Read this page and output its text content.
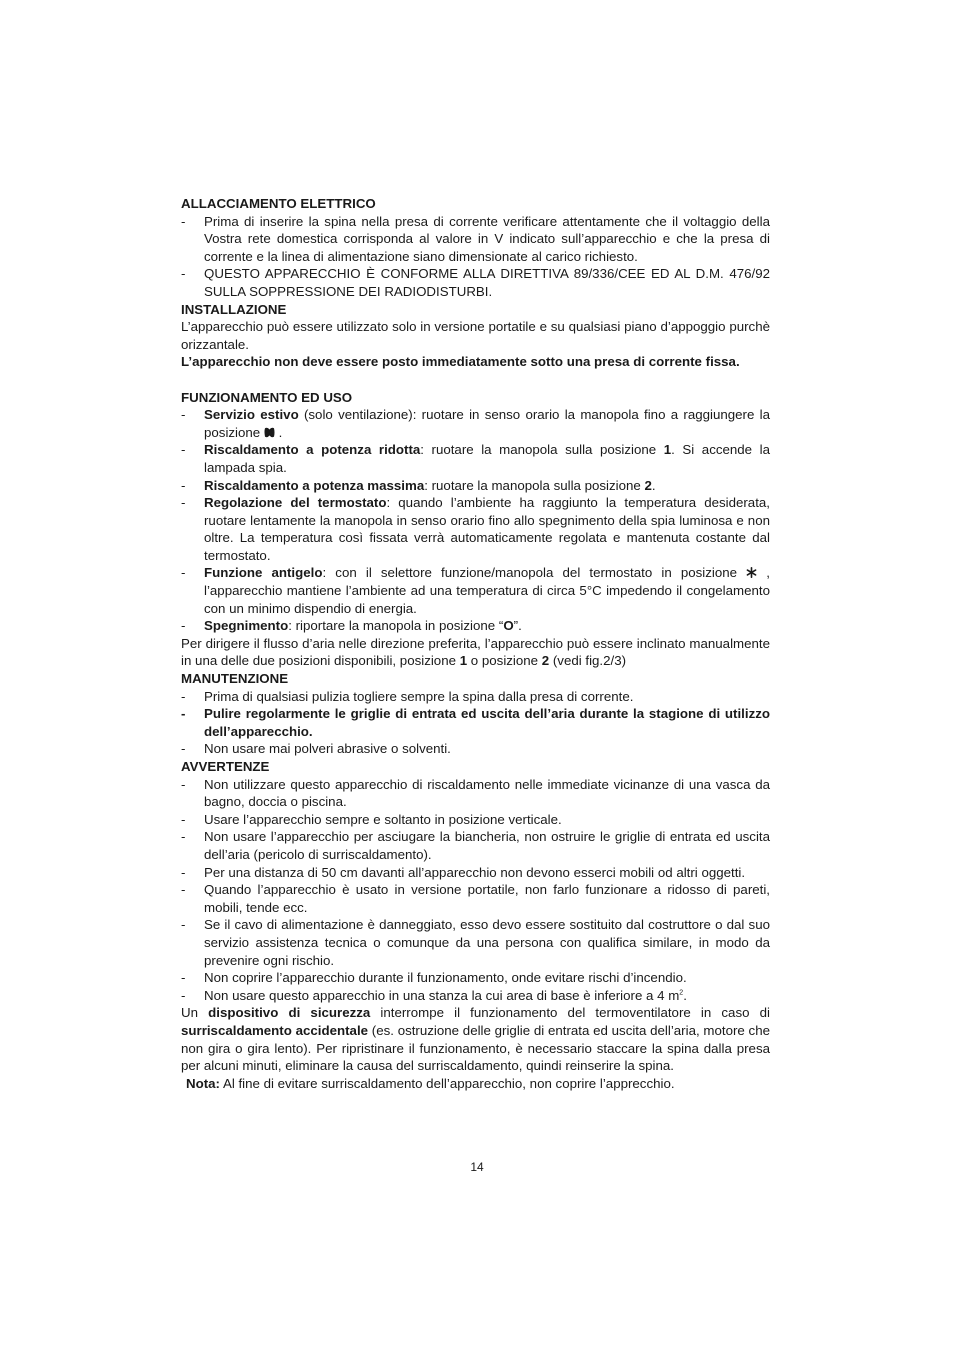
ALLACCIAMENTO ELETTRICO
- Prima di inserire la spina nella presa di corrente verificare attentamente che il voltaggio della Vostra rete domestica corrisponda al valore in V indicato sull’apparecchio e che la presa di corrente e la linea di alimentazione siano dimensionate al carico richiesto.
- QUESTO APPARECCHIO È CONFORME ALLA DIRETTIVA 89/336/CEE ED AL D.M. 476/92 SULLA SOPPRESSIONE DEI RADIODISTURBI.
INSTALLAZIONE
L’apparecchio può essere utilizzato solo in versione portatile e su qualsiasi piano d’appoggio purchè orizzantale.
L’apparecchio non deve essere posto immediatamente sotto una presa di corrente fissa.
FUNZIONAMENTO ED USO
- Servizio estivo (solo ventilazione): ruotare in senso orario la manopola fino a raggiungere la posizione  .
- Riscaldamento a potenza ridotta: ruotare la manopola sulla posizione 1. Si accende la lampada spia.
- Riscaldamento a potenza massima: ruotare la manopola sulla posizione 2.
- Regolazione del termostato: quando l’ambiente ha raggiunto la temperatura desiderata, ruotare lentamente la manopola in senso orario fino allo spegnimento della spia luminosa e non oltre. La temperatura così fissata verrà automaticamente regolata e mantenuta costante dal termostato.
- Funzione antigelo: con il selettore funzione/manopola del termostato in posizione  , l’apparecchio mantiene l’ambiente ad una temperatura di circa 5°C impedendo il congelamento con un minimo dispendio di energia.
- Spegnimento: riportare la manopola in posizione “O”.
Per dirigere il flusso d’aria nelle direzione preferita, l’apparecchio può essere inclinato manualmente in una delle due posizioni disponibili, posizione 1 o posizione 2 (vedi fig.2/3)
MANUTENZIONE
- Prima di qualsiasi pulizia togliere sempre la spina dalla presa di corrente.
- Pulire regolarmente le griglie di entrata ed uscita dell’aria durante la stagione di utilizzo dell’apparecchio.
- Non usare mai polveri abrasive o solventi.
AVVERTENZE
- Non utilizzare questo apparecchio di riscaldamento nelle immediate vicinanze di una vasca da bagno, doccia o piscina.
- Usare l’apparecchio sempre e soltanto in posizione verticale.
- Non usare l’apparecchio per asciugare la biancheria, non ostruire le griglie di entrata ed uscita dell’aria (pericolo di surriscaldamento).
- Per una distanza di 50 cm davanti all’apparecchio non devono esserci mobili od altri oggetti.
- Quando l’apparecchio è usato in versione portatile, non farlo funzionare a ridosso di pareti, mobili, tende ecc.
- Se il cavo di alimentazione è danneggiato, esso devo essere sostituito dal costruttore o dal suo servizio assistenza tecnica o comunque da una persona con qualifica similare, in modo da prevenire ogni rischio.
- Non coprire l’apparecchio durante il funzionamento, onde evitare rischi d’incendio.
- Non usare questo apparecchio in una stanza la cui area di base è inferiore a 4 $m^2$.
Un dispositivo di sicurezza interrompe il funzionamento del termoventilatore in caso di surriscaldamento accidentale (es. ostruzione delle griglie di entrata ed uscita dell’aria, motore che non gira o gira lento). Per ripristinare il funzionamento, è necessario staccare la spina dalla presa per alcuni minuti, eliminare la causa del surriscaldamento, quindi reinserire la spina.
Nota: Al fine di evitare surriscaldamento dell’apparecchio, non coprire l’apprecchio.
14
